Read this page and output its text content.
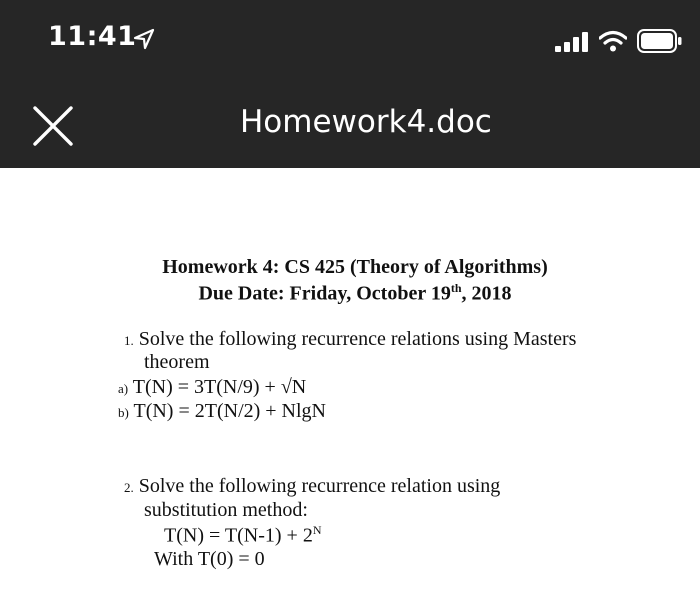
11:41
Homework4.doc
Homework 4: CS 425 (Theory of Algorithms)
Due Date: Friday, October 19th, 2018
1. Solve the following recurrence relations using Masters
theorem
a) T(N) = 3T(N/9) + √N
b) T(N) = 2T(N/2) + NlgN
2. Solve the following recurrence relation using
substitution method:
$T(N) = T(N-1) + 2^N$
With T(0) = 0
